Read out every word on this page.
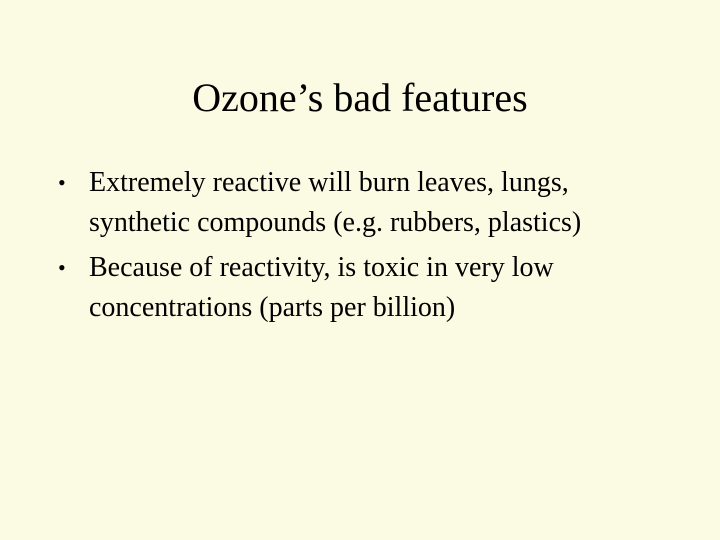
Ozone’s bad features
• Extremely reactive will burn leaves, lungs,
synthetic compounds (e.g. rubbers, plastics)
• Because of reactivity, is toxic in very low
concentrations (parts per billion)
